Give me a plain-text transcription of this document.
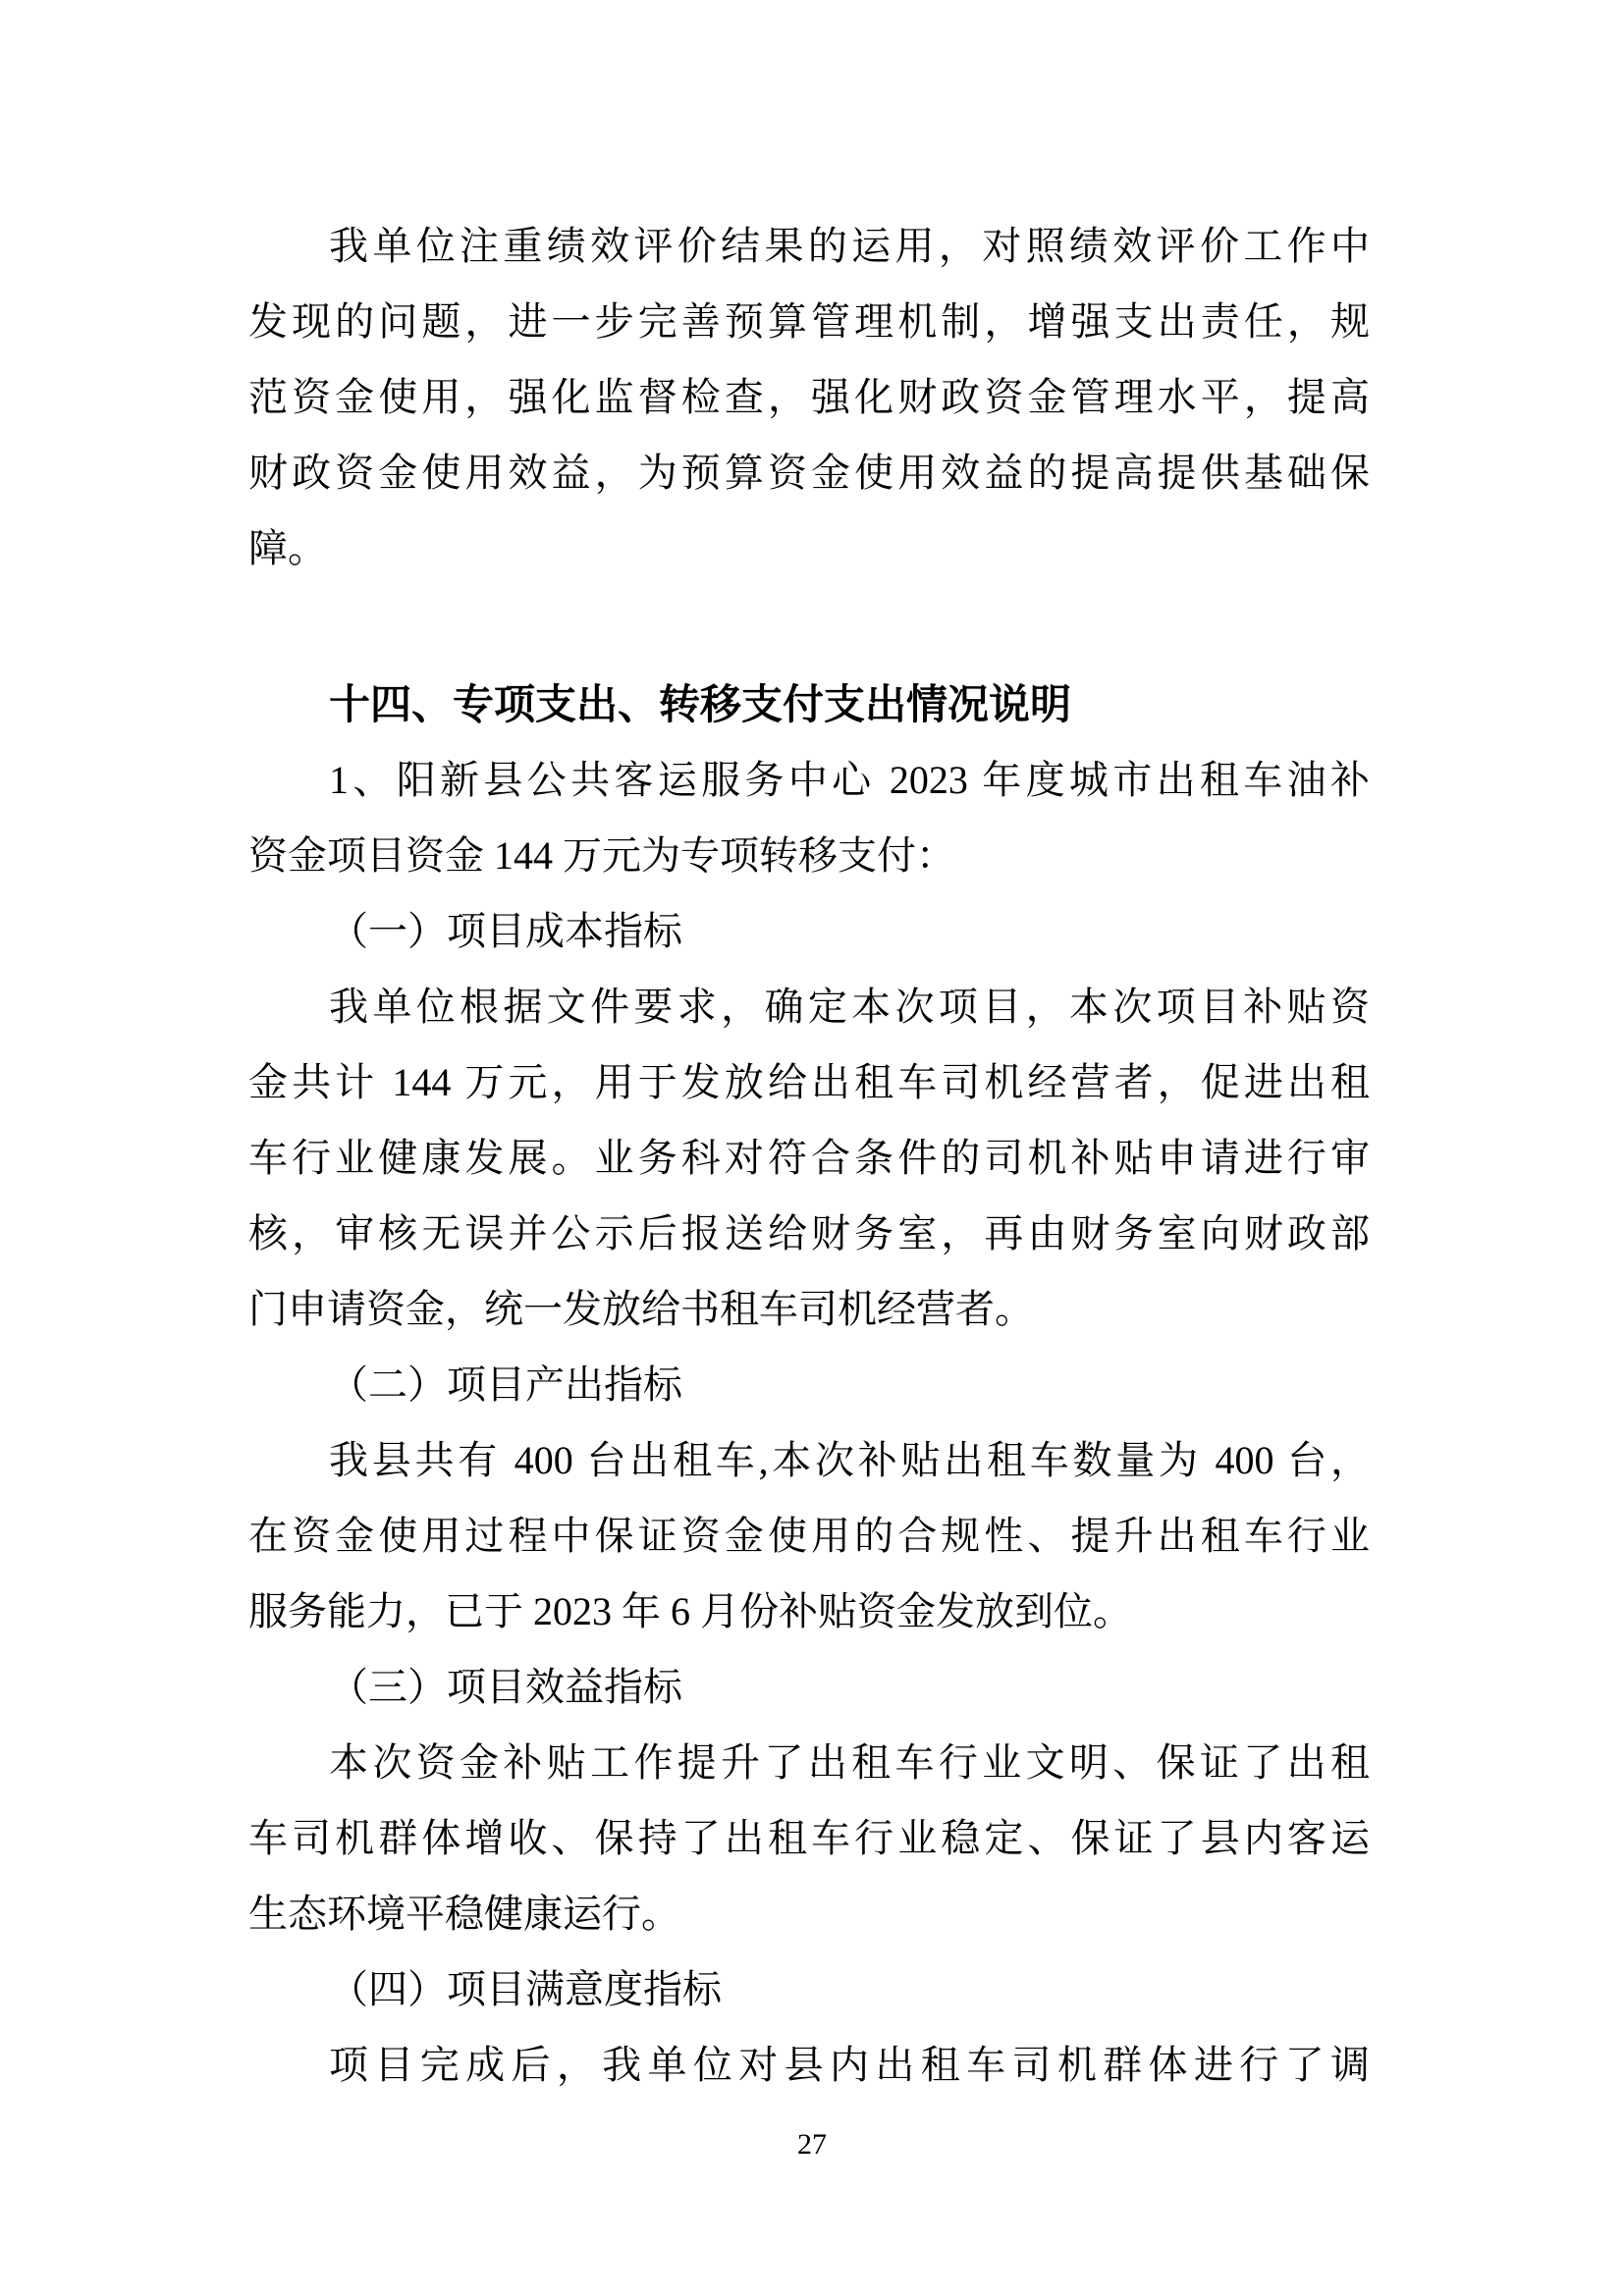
我单位注重绩效评价结果的运用，对照绩效评价工作中
发现的问题，进一步完善预算管理机制，增强支出责任，规
范资金使用，强化监督检查，强化财政资金管理水平，提高
财政资金使用效益，为预算资金使用效益的提高提供基础保
障。
十四、专项支出、转移支付支出情况说明
1、阳新县公共客运服务中心 2023 年度城市出租车油补
资金项目资金 144 万元为专项转移支付：
（一）项目成本指标
我单位根据文件要求，确定本次项目，本次项目补贴资
金共计 144 万元，用于发放给出租车司机经营者，促进出租
车行业健康发展。业务科对符合条件的司机补贴申请进行审
核，审核无误并公示后报送给财务室，再由财务室向财政部
门申请资金，统一发放给书租车司机经营者。
（二）项目产出指标
我县共有 400 台出租车,本次补贴出租车数量为 400 台，
在资金使用过程中保证资金使用的合规性、提升出租车行业
服务能力，已于 2023 年 6 月份补贴资金发放到位。
（三）项目效益指标
本次资金补贴工作提升了出租车行业文明、保证了出租
车司机群体增收、保持了出租车行业稳定、保证了县内客运
生态环境平稳健康运行。
（四）项目满意度指标
项目完成后，我单位对县内出租车司机群体进行了调
27
